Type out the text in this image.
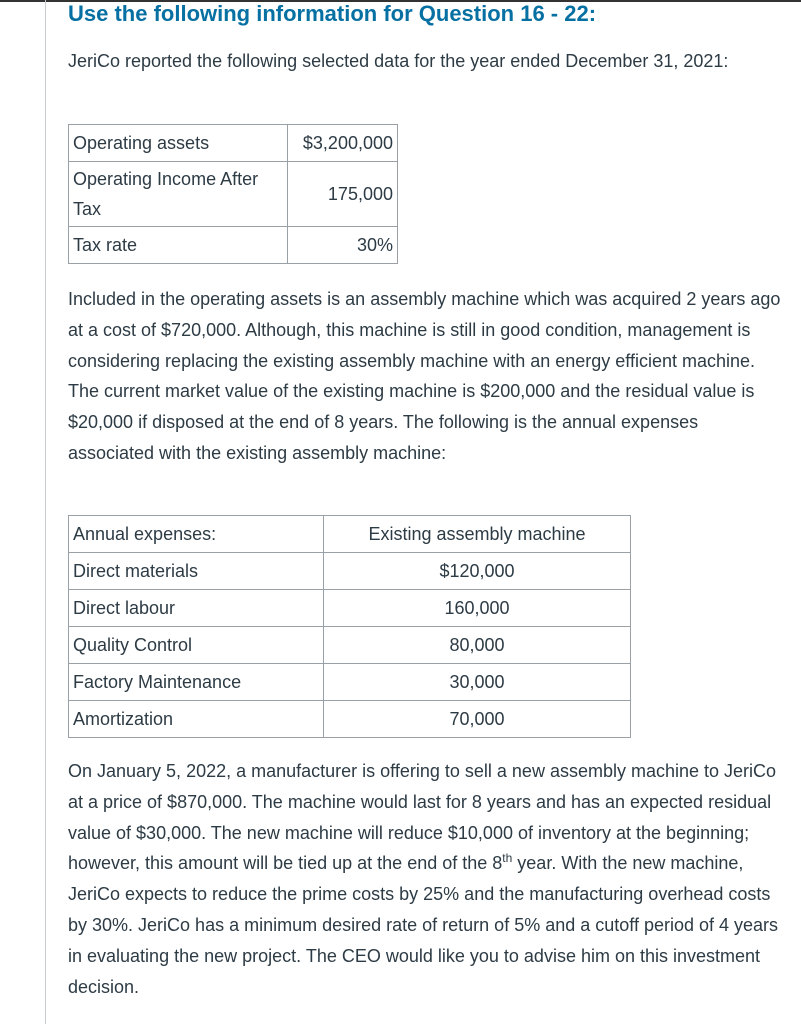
Use the following information for Question 16 - 22:

JeriCo reported the following selected data for the year ended December 31, 2021:

Operating assets	$3,200,000
Operating Income After Tax	175,000
Tax rate	30%

Included in the operating assets is an assembly machine which was acquired 2 years ago at a cost of $720,000. Although, this machine is still in good condition, management is considering replacing the existing assembly machine with an energy efficient machine. The current market value of the existing machine is $200,000 and the residual value is $20,000 if disposed at the end of 8 years. The following is the annual expenses associated with the existing assembly machine:

Annual expenses:	Existing assembly machine
Direct materials	$120,000
Direct labour	160,000
Quality Control	80,000
Factory Maintenance	30,000
Amortization	70,000

On January 5, 2022, a manufacturer is offering to sell a new assembly machine to JeriCo at a price of $870,000. The machine would last for 8 years and has an expected residual value of $30,000. The new machine will reduce $10,000 of inventory at the beginning; however, this amount will be tied up at the end of the 8th year. With the new machine, JeriCo expects to reduce the prime costs by 25% and the manufacturing overhead costs by 30%. JeriCo has a minimum desired rate of return of 5% and a cutoff period of 4 years in evaluating the new project. The CEO would like you to advise him on this investment decision.
